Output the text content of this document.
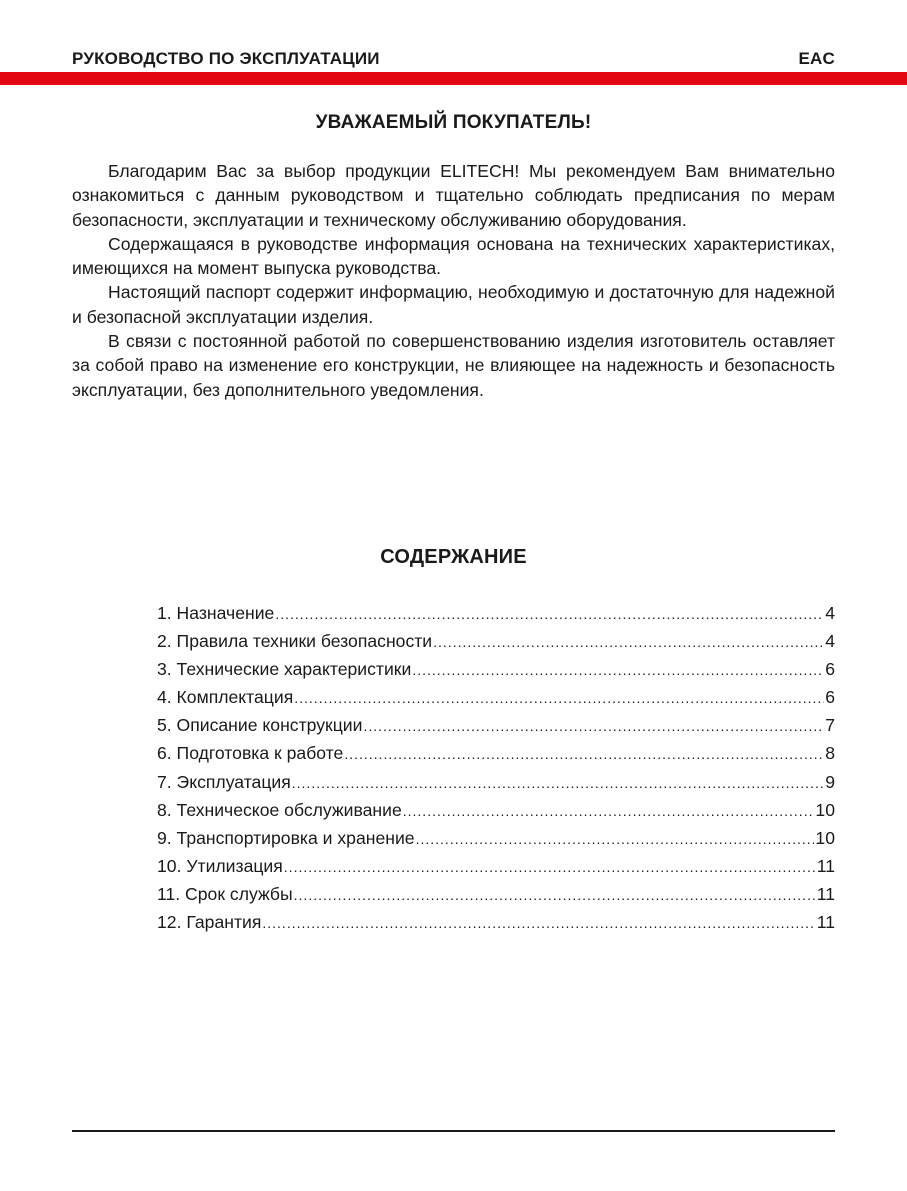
РУКОВОДСТВО ПО ЭКСПЛУАТАЦИИ	EAC
УВАЖАЕМЫЙ ПОКУПАТЕЛЬ!

Благодарим Вас за выбор продукции ELITECH! Мы рекомендуем Вам внимательно ознакомиться с данным руководством и тщательно соблюдать предписания по мерам безопасности, эксплуатации и техническому обслуживанию оборудования.

Содержащаяся в руководстве информация основана на технических характеристиках, имеющихся на момент выпуска руководства.

Настоящий паспорт содержит информацию, необходимую и достаточную для надежной и безопасной эксплуатации изделия.

В связи с постоянной работой по совершенствованию изделия изготовитель оставляет за собой право на изменение его конструкции, не влияющее на надежность и безопасность эксплуатации, без дополнительного уведомления.

СОДЕРЖАНИЕ
1. Назначение .....	4
2. Правила техники безопасности .....	4
3. Технические характеристики .....	6
4. Комплектация .....	6
5. Описание конструкции .....	7
6. Подготовка к работе .....	8
7. Эксплуатация .....	9
8. Техническое обслуживание .....	10
9. Транспортировка и хранение .....	10
10. Утилизация .....	11
11. Срок службы .....	11
12. Гарантия .....	11
